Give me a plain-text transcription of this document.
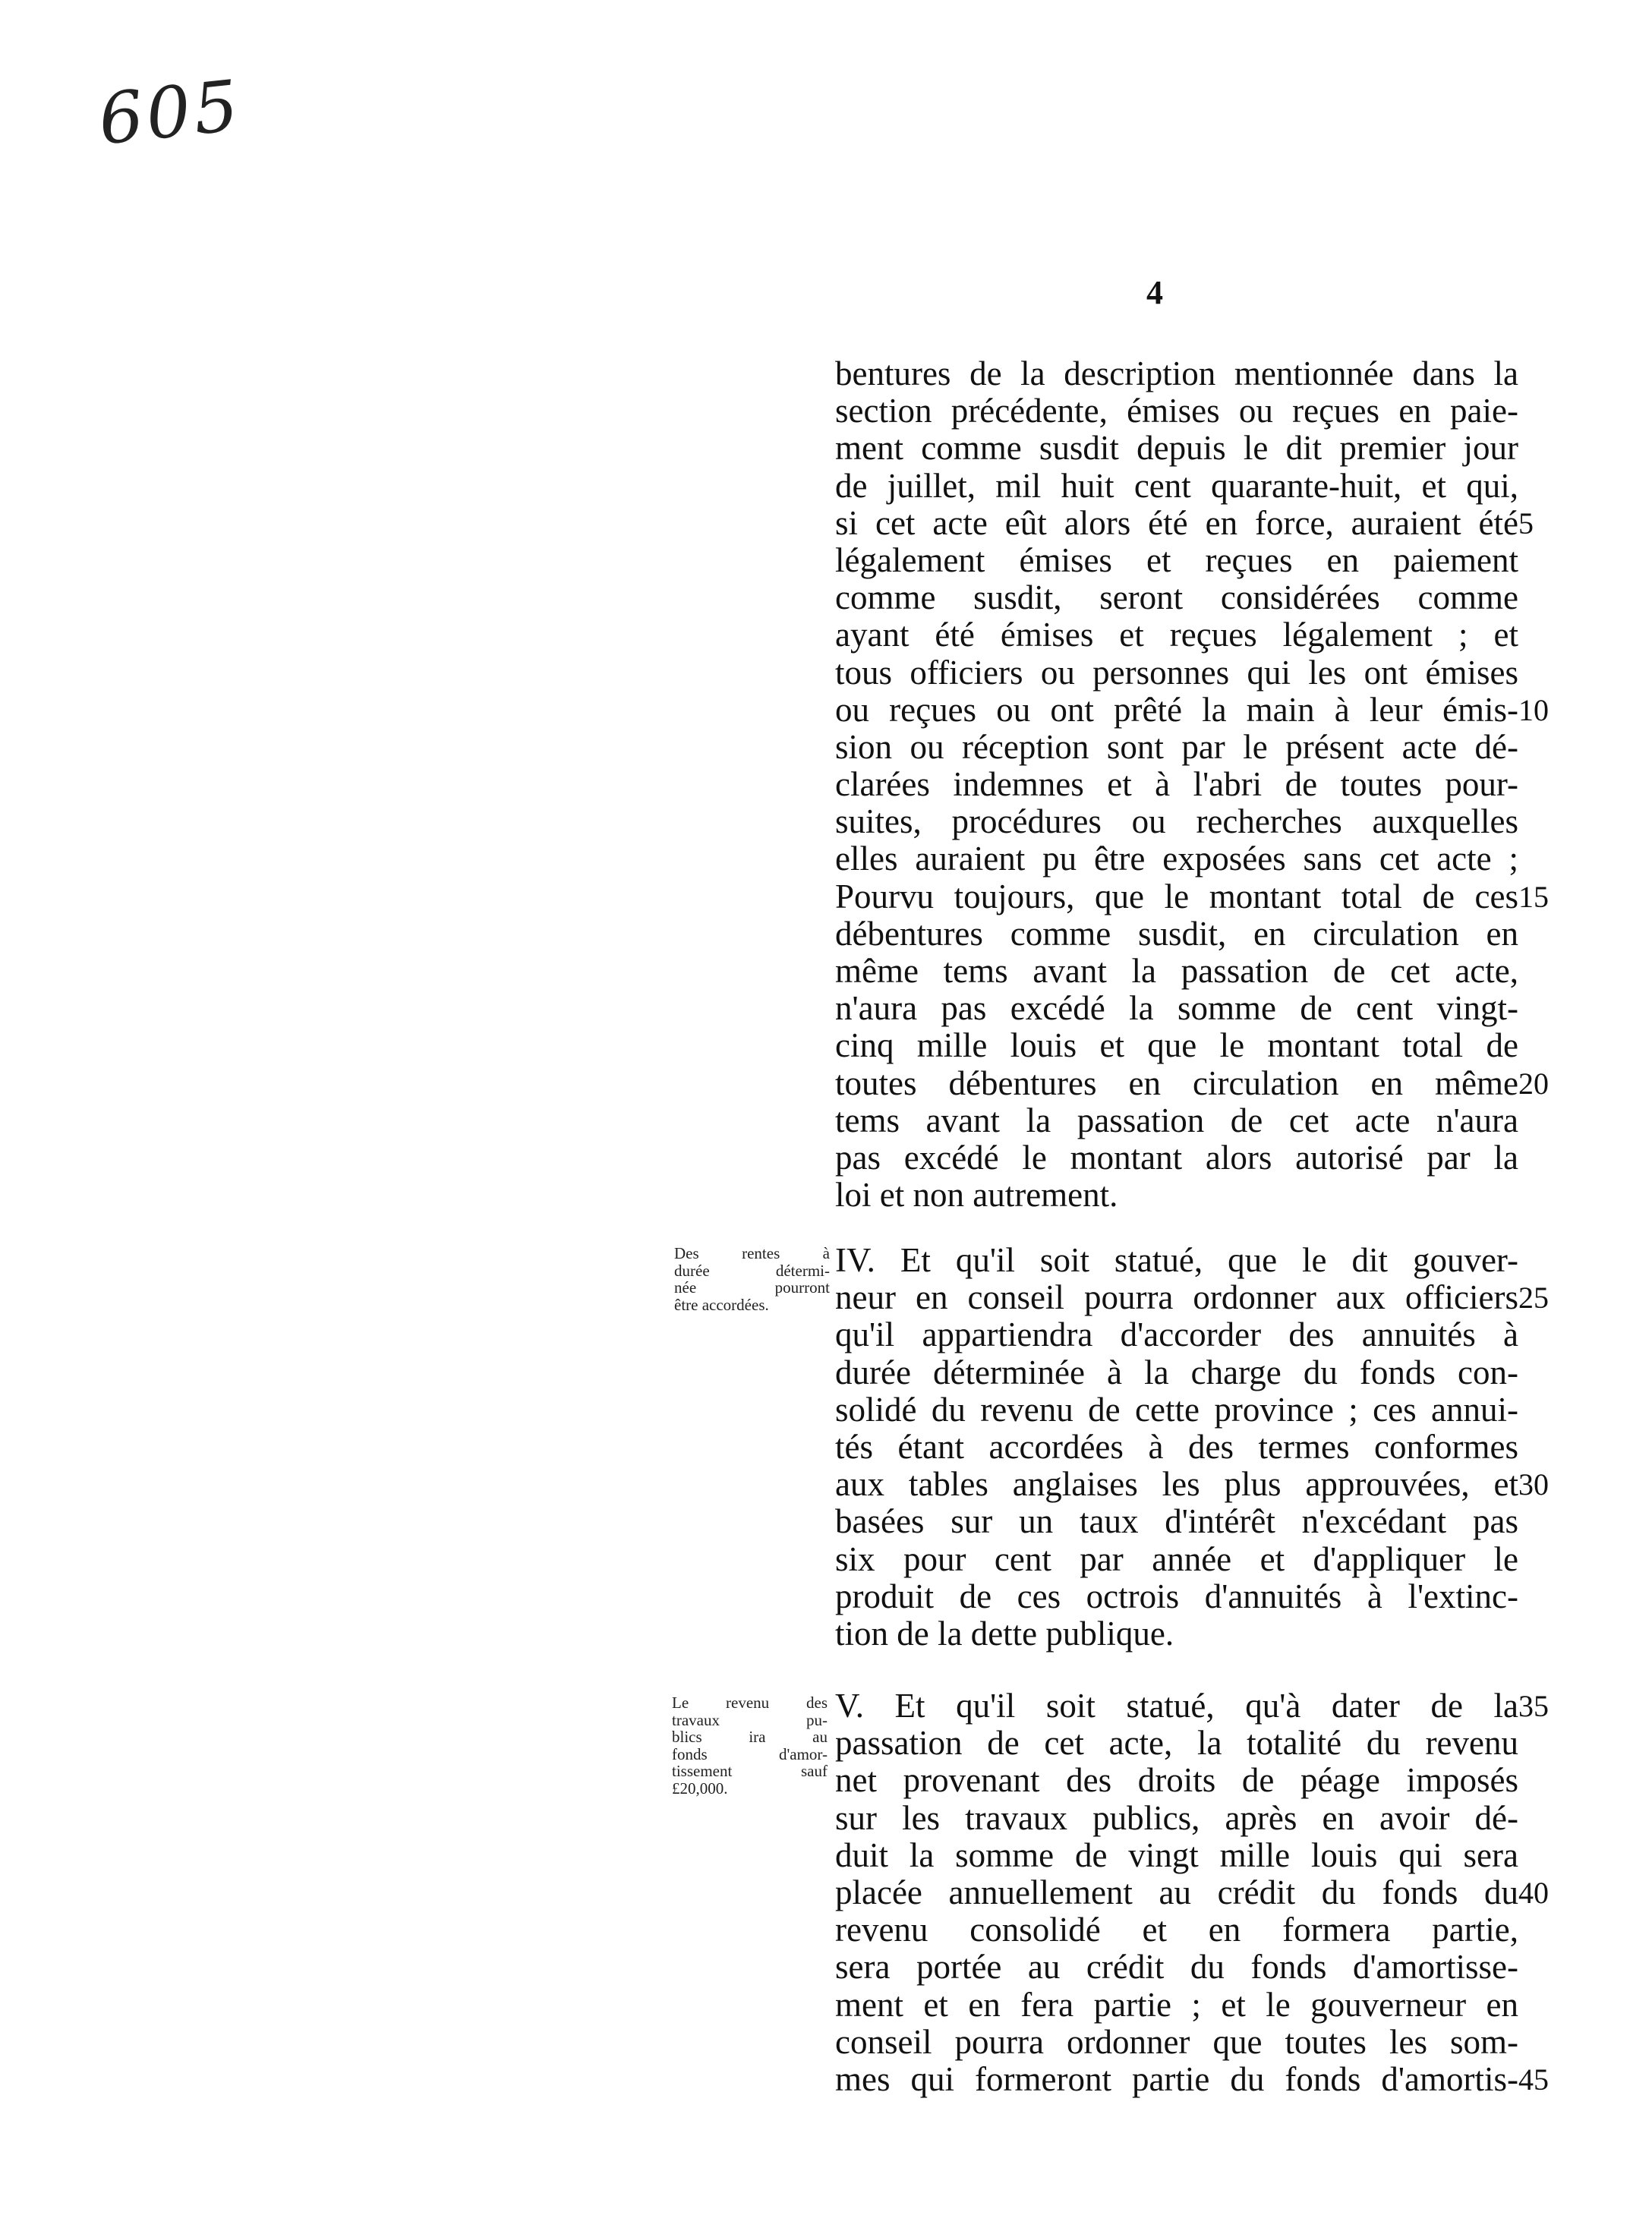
605
4
Des rentes à
durée détermi-
née pourront
être accordées.
Le revenu des
travaux pu-
blics ira au
fonds d'amor-
tissement sauf
£20,000.
bentures de la description mentionnée dans la
section précédente, émises ou reçues en paie-
ment comme susdit depuis le dit premier jour
de juillet, mil huit cent quarante-huit, et qui,
si cet acte eût alors été en force, auraient été 5
légalement émises et reçues en paiement
comme susdit, seront considérées comme
ayant été émises et reçues légalement ; et
tous officiers ou personnes qui les ont émises
ou reçues ou ont prêté la main à leur émis- 10
sion ou réception sont par le présent acte dé-
clarées indemnes et à l'abri de toutes pour-
suites, procédures ou recherches auxquelles
elles auraient pu être exposées sans cet acte ;
Pourvu toujours, que le montant total de ces 15
débentures comme susdit, en circulation en
même tems avant la passation de cet acte,
n'aura pas excédé la somme de cent vingt-
cinq mille louis et que le montant total de
toutes débentures en circulation en même 20
tems avant la passation de cet acte n'aura
pas excédé le montant alors autorisé par la
loi et non autrement.
IV. Et qu'il soit statué, que le dit gouver-
neur en conseil pourra ordonner aux officiers 25
qu'il appartiendra d'accorder des annuités à
durée déterminée à la charge du fonds con-
solidé du revenu de cette province ; ces annui-
tés étant accordées à des termes conformes
aux tables anglaises les plus approuvées, et 30
basées sur un taux d'intérêt n'excédant pas
six pour cent par année et d'appliquer le
produit de ces octrois d'annuités à l'extinc-
tion de la dette publique.
V. Et qu'il soit statué, qu'à dater de la 35
passation de cet acte, la totalité du revenu
net provenant des droits de péage imposés
sur les travaux publics, après en avoir dé-
duit la somme de vingt mille louis qui sera
placée annuellement au crédit du fonds du 40
revenu consolidé et en formera partie,
sera portée au crédit du fonds d'amortisse-
ment et en fera partie ; et le gouverneur en
conseil pourra ordonner que toutes les som-
mes qui formeront partie du fonds d'amortis- 45
